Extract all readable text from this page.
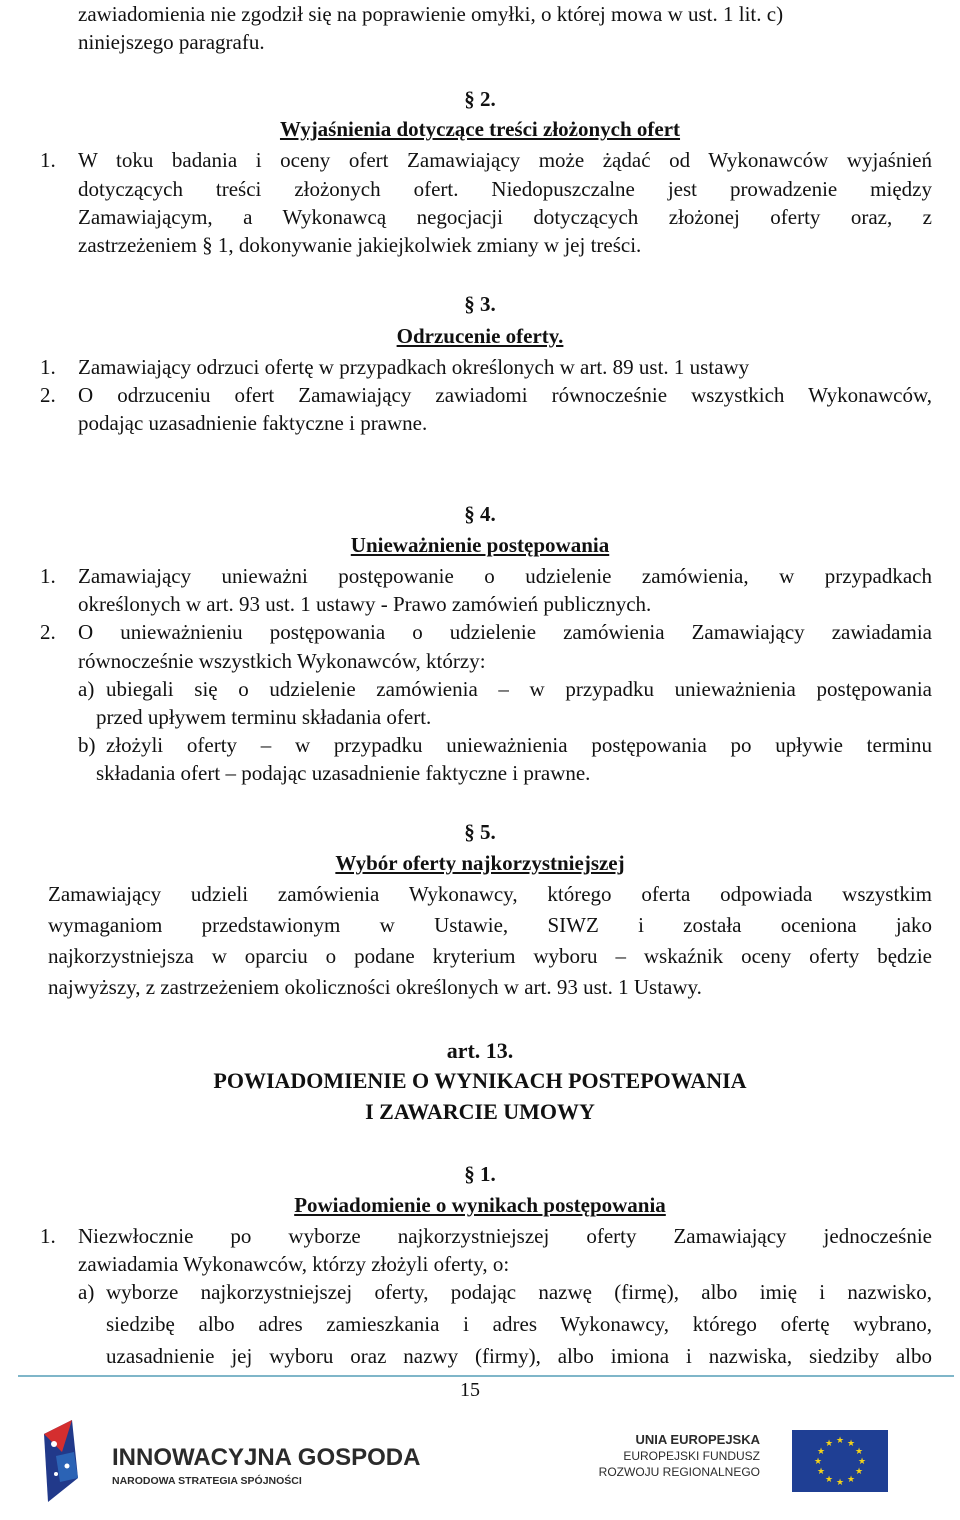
zawiadomienia nie zgodził się na poprawienie omyłki, o której mowa w ust. 1 lit. c)
niniejszego paragrafu.
§ 2.
Wyjaśnienia dotyczące treści złożonych ofert
1. W toku badania i oceny ofert Zamawiający może żądać od Wykonawców wyjaśnień
dotyczących treści złożonych ofert. Niedopuszczalne jest prowadzenie między
Zamawiającym, a Wykonawcą negocjacji dotyczących złożonej oferty oraz, z
zastrzeżeniem § 1, dokonywanie jakiejkolwiek zmiany w jej treści.
§ 3.
Odrzucenie oferty.
1. Zamawiający odrzuci ofertę w przypadkach określonych w art. 89 ust. 1 ustawy
2. O odrzuceniu ofert Zamawiający zawiadomi równocześnie wszystkich Wykonawców,
podając uzasadnienie faktyczne i prawne.
§ 4.
Unieważnienie postępowania
1. Zamawiający unieważni postępowanie o udzielenie zamówienia, w przypadkach
określonych w art. 93 ust. 1 ustawy - Prawo zamówień publicznych.
2. O unieważnieniu postępowania o udzielenie zamówienia Zamawiający zawiadamia
równocześnie wszystkich Wykonawców, którzy:
a) ubiegali się o udzielenie zamówienia – w przypadku unieważnienia postępowania
przed upływem terminu składania ofert.
b) złożyli oferty – w przypadku unieważnienia postępowania po upływie terminu
składania ofert – podając uzasadnienie faktyczne i prawne.
§ 5.
Wybór oferty najkorzystniejszej
Zamawiający udzieli zamówienia Wykonawcy, którego oferta odpowiada wszystkim
wymaganiom przedstawionym w Ustawie, SIWZ i została oceniona jako
najkorzystniejsza w oparciu o podane kryterium wyboru – wskaźnik oceny oferty będzie
najwyższy, z zastrzeżeniem okoliczności określonych w art. 93 ust. 1 Ustawy.
art. 13.
POWIADOMIENIE O WYNIKACH POSTEPOWANIA
I ZAWARCIE UMOWY
§ 1.
Powiadomienie o wynikach postępowania
1. Niezwłocznie po wyborze najkorzystniejszej oferty Zamawiający jednocześnie
zawiadamia Wykonawców, którzy złożyli oferty, o:
a) wyborze najkorzystniejszej oferty, podając nazwę (firmę), albo imię i nazwisko,
siedzibę albo adres zamieszkania i adres Wykonawcy, którego ofertę wybrano,
uzasadnienie jej wyboru oraz nazwy (firmy), albo imiona i nazwiska, siedziby albo
15
INNOWACYJNA GOSPODA
NARODOWA STRATEGIA SPÓJNOŚCI
UNIA EUROPEJSKA
EUROPEJSKI FUNDUSZ
ROZWOJU REGIONALNEGO
★ ★
★
★
★
★
★
★
★
★
★
★
